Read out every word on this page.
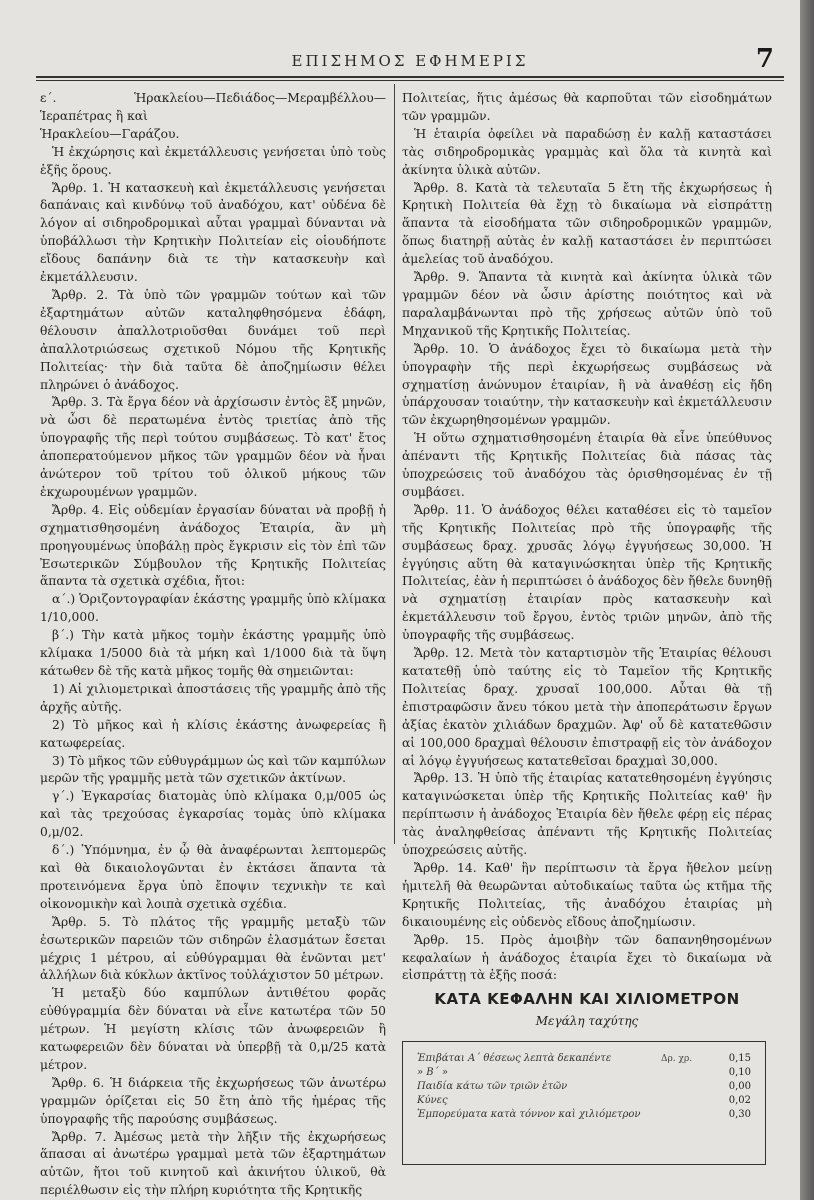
ΕΠΙΣΗΜΟΣ ΕΦΗΜΕΡΙΣ	7

ε΄. Ἡρακλείου—Πεδιάδος—Μεραμβέλλου— Ἱεραπέτρας ἢ καὶ

Ἡρακλείου—Γαράζου.

Ἡ ἐκχώρησις καὶ ἐκμετάλλευσις γενήσεται ὑπὸ τοὺς ἑξῆς ὅρους.

Ἄρθρ. 1. Ἡ κατασκευὴ καὶ ἐκμετάλλευσις γενήσεται δαπάναις καὶ κινδύνῳ τοῦ ἀναδόχου, κατ' οὐδένα δὲ λόγον αἱ σιδηροδρομικαὶ αὗται γραμμαὶ δύνανται νὰ ὑποβάλλωσι τὴν Κρητικὴν Πολιτείαν εἰς οἱουδήποτε εἴδους δαπάνην διὰ τε τὴν κατασκευὴν καὶ ἐκμετάλλευσιν.

Ἄρθρ. 2. Τὰ ὑπὸ τῶν γραμμῶν τούτων καὶ τῶν ἐξαρτημάτων αὐτῶν καταληφθησόμενα ἐδάφη, θέλουσιν ἀπαλλοτριοῦσθαι δυνάμει τοῦ περὶ ἀπαλλοτριώσεως σχετικοῦ Νόμου τῆς Κρητικῆς Πολιτείας· τὴν διὰ ταῦτα δὲ ἀποζημίωσιν θέλει πληρώνει ὁ ἀνάδοχος.

Ἄρθρ. 3. Τὰ ἔργα δέον νὰ ἀρχίσωσιν ἐντὸς ἓξ μηνῶν, νὰ ὦσι δὲ περατωμένα ἐντὸς τριετίας ἀπὸ τῆς ὑπογραφῆς τῆς περὶ τούτου συμβάσεως. Τὸ κατ' ἔτος ἀποπερατούμενον μῆκος τῶν γραμμῶν δέον νὰ ἦναι ἀνώτερον τοῦ τρίτου τοῦ ὁλικοῦ μήκους τῶν ἐκχωρουμένων γραμμῶν.

Ἄρθρ. 4. Εἰς οὐδεμίαν ἐργασίαν δύναται νὰ προβῇ ἡ σχηματισθησομένη ἀνάδοχος Ἑταιρία, ἂν μὴ προηγουμένως ὑποβάλῃ πρὸς ἔγκρισιν εἰς τὸν ἐπὶ τῶν Ἐσωτερικῶν Σύμβουλον τῆς Κρητικῆς Πολιτείας ἅπαντα τὰ σχετικὰ σχέδια, ἤτοι:

α΄.) Ὁριζοντογραφίαν ἑκάστης γραμμῆς ὑπὸ κλίμακα 1/10,000.

β΄.) Τὴν κατὰ μῆκος τομὴν ἑκάστης γραμμῆς ὑπὸ κλίμακα 1/5000 διὰ τὰ μήκη καὶ 1/1000 διὰ τὰ ὕψη κάτωθεν δὲ τῆς κατὰ μῆκος τομῆς θὰ σημειῶνται:

1) Αἱ χιλιομετρικαὶ ἀποστάσεις τῆς γραμμῆς ἀπὸ τῆς ἀρχῆς αὐτῆς.

2) Τὸ μῆκος καὶ ἡ κλίσις ἑκάστης ἀνωφερείας ἢ κατωφερείας.

3) Τὸ μῆκος τῶν εὐθυγράμμων ὡς καὶ τῶν καμπύλων μερῶν τῆς γραμμῆς μετὰ τῶν σχετικῶν ἀκτίνων.

γ΄.) Ἐγκαρσίας διατομὰς ὑπὸ κλίμακα 0,μ/005 ὡς καὶ τὰς τρεχούσας ἐγκαρσίας τομὰς ὑπὸ κλίμακα 0,μ/02.

δ΄.) Ὑπόμνημα, ἐν ᾧ θὰ ἀναφέρωνται λεπτομερῶς καὶ θὰ δικαιολογῶνται ἐν ἐκτάσει ἅπαντα τὰ προτεινόμενα ἔργα ὑπὸ ἔποψιν τεχνικὴν τε καὶ οἰκονομικὴν καὶ λοιπὰ σχετικὰ σχέδια.

Ἄρθρ. 5. Τὸ πλάτος τῆς γραμμῆς μεταξὺ τῶν ἐσωτερικῶν παρειῶν τῶν σιδηρῶν ἐλασμάτων ἔσεται μέχρις 1 μέτρου, αἱ εὐθύγραμμαι θὰ ἑνῶνται μετ' ἀλλήλων διὰ κύκλων ἀκτῖνος τοὐλάχιστον 50 μέτρων.

Ἡ μεταξὺ δύο καμπύλων ἀντιθέτου φορᾶς εὐθύγραμμία δὲν δύναται νὰ εἶνε κατωτέρα τῶν 50 μέτρων. Ἡ μεγίστη κλίσις τῶν ἀνωφερειῶν ἢ κατωφερειῶν δὲν δύναται νὰ ὑπερβῇ τὰ 0,μ/25 κατὰ μέτρον.

Ἄρθρ. 6. Ἡ διάρκεια τῆς ἐκχωρήσεως τῶν ἀνωτέρω γραμμῶν ὁρίζεται εἰς 50 ἔτη ἀπὸ τῆς ἡμέρας τῆς ὑπογραφῆς τῆς παρούσης συμβάσεως.

Ἄρθρ. 7. Ἀμέσως μετὰ τὴν λῆξιν τῆς ἐκχωρήσεως ἅπασαι αἱ ἀνωτέρω γραμμαὶ μετὰ τῶν ἐξαρτημάτων αὐτῶν, ἤτοι τοῦ κινητοῦ καὶ ἀκινήτου ὑλικοῦ, θὰ περιέλθωσιν εἰς τὴν πλήρη κυριότητα τῆς Κρητικῆς

Πολιτείας, ἥτις ἀμέσως θὰ καρποῦται τῶν εἰσοδημάτων τῶν γραμμῶν.

Ἡ ἑταιρία ὀφείλει νὰ παραδώσῃ ἐν καλῇ καταστάσει τὰς σιδηροδρομικὰς γραμμὰς καὶ ὅλα τὰ κινητὰ καὶ ἀκίνητα ὑλικὰ αὐτῶν.

Ἄρθρ. 8. Κατὰ τὰ τελευταῖα 5 ἔτη τῆς ἐκχωρήσεως ἡ Κρητικὴ Πολιτεία θὰ ἔχῃ τὸ δικαίωμα νὰ εἰσπράττῃ ἅπαντα τὰ εἰσοδήματα τῶν σιδηροδρομικῶν γραμμῶν, ὅπως διατηρῇ αὐτὰς ἐν καλῇ καταστάσει ἐν περιπτώσει ἀμελείας τοῦ ἀναδόχου.

Ἄρθρ. 9. Ἅπαντα τὰ κινητὰ καὶ ἀκίνητα ὑλικὰ τῶν γραμμῶν δέον νὰ ὦσιν ἀρίστης ποιότητος καὶ νὰ παραλαμβάνωνται πρὸ τῆς χρήσεως αὐτῶν ὑπὸ τοῦ Μηχανικοῦ τῆς Κρητικῆς Πολιτείας.

Ἄρθρ. 10. Ὁ ἀνάδοχος ἔχει τὸ δικαίωμα μετὰ τὴν ὑπογραφὴν τῆς περὶ ἐκχωρήσεως συμβάσεως νὰ σχηματίσῃ ἀνώνυμον ἑταιρίαν, ἢ νὰ ἀναθέσῃ εἰς ἤδη ὑπάρχουσαν τοιαύτην, τὴν κατασκευὴν καὶ ἐκμετάλλευσιν τῶν ἐκχωρηθησομένων γραμμῶν.

Ἡ οὕτω σχηματισθησομένη ἑταιρία θὰ εἶνε ὑπεύθυνος ἀπέναντι τῆς Κρητικῆς Πολιτείας διὰ πάσας τὰς ὑποχρεώσεις τοῦ ἀναδόχου τὰς ὁρισθησομένας ἐν τῇ συμβάσει.

Ἄρθρ. 11. Ὁ ἀνάδοχος θέλει καταθέσει εἰς τὸ ταμεῖον τῆς Κρητικῆς Πολιτείας πρὸ τῆς ὑπογραφῆς τῆς συμβάσεως δραχ. χρυσᾶς λόγῳ ἐγγυήσεως 30,000. Ἡ ἐγγύησις αὕτη θὰ καταγινώσκηται ὑπὲρ τῆς Κρητικῆς Πολιτείας, ἐὰν ἡ περιπτώσει ὁ ἀνάδοχος δὲν ἤθελε δυνηθῇ νὰ σχηματίσῃ ἑταιρίαν πρὸς κατασκευὴν καὶ ἐκμετάλλευσιν τοῦ ἔργου, ἐντὸς τριῶν μηνῶν, ἀπὸ τῆς ὑπογραφῆς τῆς συμβάσεως.

Ἄρθρ. 12. Μετὰ τὸν καταρτισμὸν τῆς Ἑταιρίας θέλουσι κατατεθῇ ὑπὸ ταύτης εἰς τὸ Ταμεῖον τῆς Κρητικῆς Πολιτείας δραχ. χρυσαῖ 100,000. Αὗται θὰ τῇ ἐπιστραφῶσιν ἄνευ τόκου μετὰ τὴν ἀποπεράτωσιν ἔργων ἀξίας ἑκατὸν χιλιάδων δραχμῶν. Ἀφ' οὗ δὲ κατατεθῶσιν αἱ 100,000 δραχμαὶ θέλουσιν ἐπιστραφῇ εἰς τὸν ἀνάδοχον αἱ λόγῳ ἐγγυήσεως κατατεθεῖσαι δραχμαὶ 30,000.

Ἄρθρ. 13. Ἡ ὑπὸ τῆς ἑταιρίας κατατεθησομένη ἐγγύησις καταγινώσκεται ὑπὲρ τῆς Κρητικῆς Πολιτείας καθ' ἣν περίπτωσιν ἡ ἀνάδοχος Ἑταιρία δὲν ἤθελε φέρῃ εἰς πέρας τὰς ἀναληφθείσας ἀπέναντι τῆς Κρητικῆς Πολιτείας ὑποχρεώσεις αὐτῆς.

Ἄρθρ. 14. Καθ' ἣν περίπτωσιν τὰ ἔργα ἤθελον μείνῃ ἡμιτελῆ θὰ θεωρῶνται αὐτοδικαίως ταῦτα ὡς κτῆμα τῆς Κρητικῆς Πολιτείας, τῆς ἀναδόχου ἑταιρίας μὴ δικαιουμένης εἰς οὐδενὸς εἴδους ἀποζημίωσιν.

Ἄρθρ. 15. Πρὸς ἀμοιβὴν τῶν δαπανηθησομένων κεφαλαίων ἡ ἀνάδοχος ἑταιρία ἔχει τὸ δικαίωμα νὰ εἰσπράττῃ τὰ ἑξῆς ποσά:

ΚΑΤΑ ΚΕΦΑΛΗΝ ΚΑΙ ΧΙΛΙΟΜΕΤΡΟΝ
Μεγάλη ταχύτης
Ἐπιβάται Α΄ θέσεως λεπτὰ δεκαπέντε	Δρ. χρ.	0,15
» Β΄ »	0,10
Παιδία κάτω τῶν τριῶν ἐτῶν	0,00
Κύνες	0,02
Ἐμπορεύματα κατὰ τόννον καὶ χιλιόμετρον	0,30
